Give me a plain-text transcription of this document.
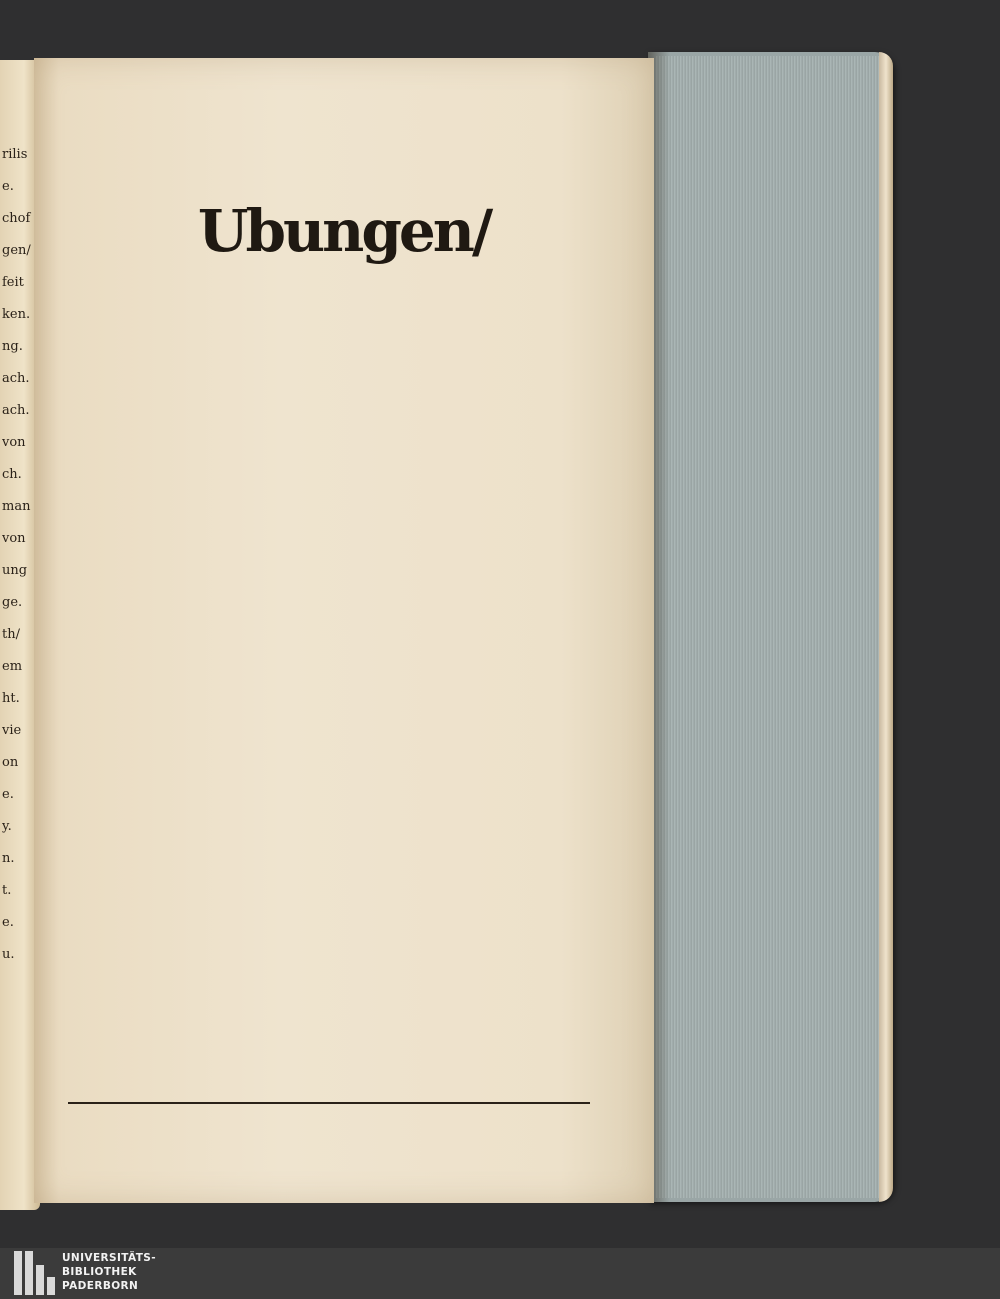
rilis
e.
chof
gen/
feit
ken.
ng.
ach.
ach.
von
ch.
man
von
ung
ge.
th/
em
ht.
vie
on
e.
y.
n.
t.
e.
u.
Ubungen/
UNIVERSITÄTS-
BIBLIOTHEK
PADERBORN
